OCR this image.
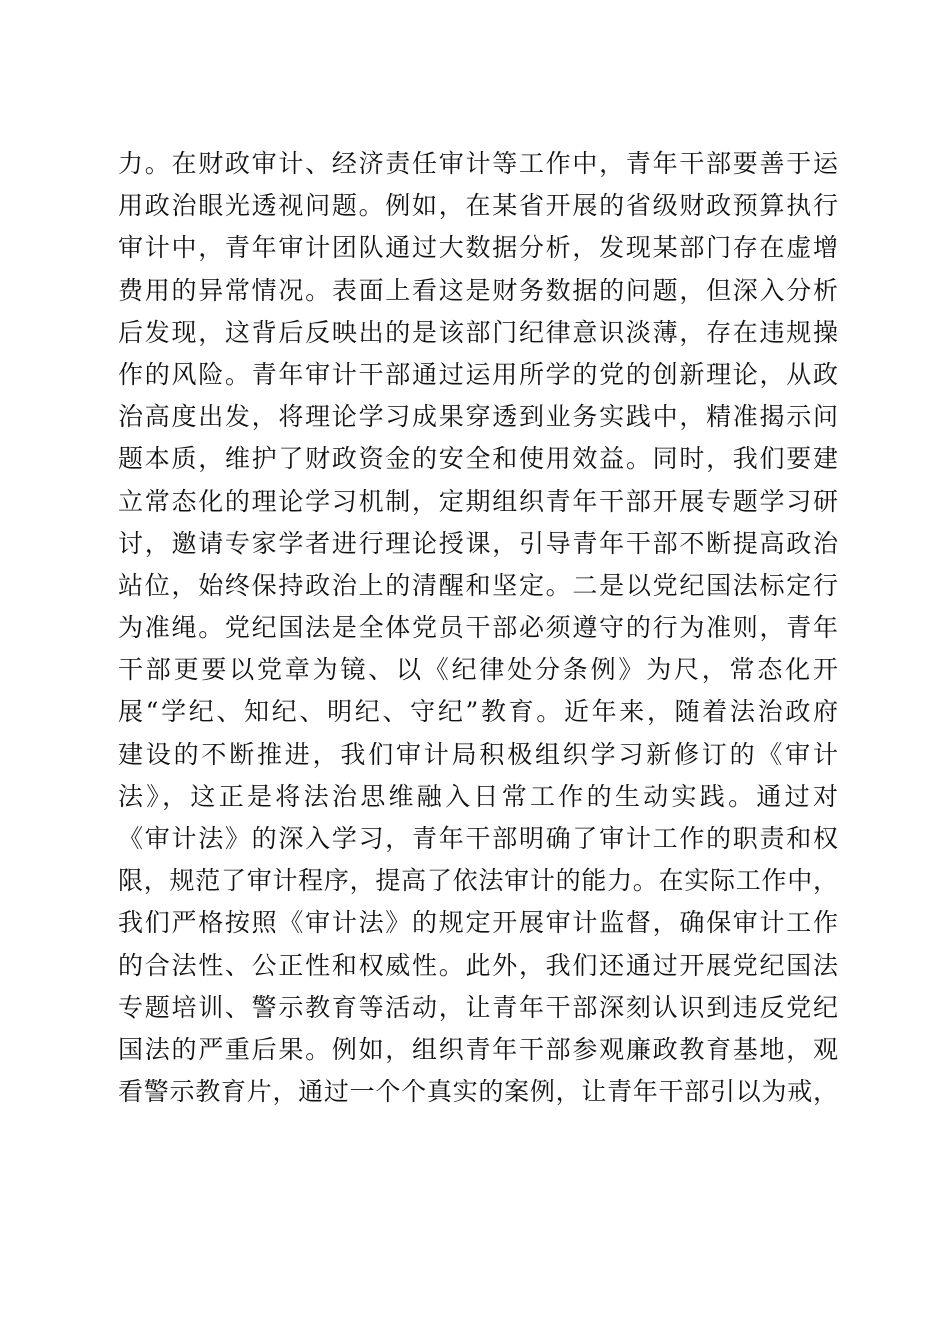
力。在财政审计、经济责任审计等工作中，青年干部要善于运
用政治眼光透视问题。例如，在某省开展的省级财政预算执行
审计中，青年审计团队通过大数据分析，发现某部门存在虚增
费用的异常情况。表面上看这是财务数据的问题，但深入分析
后发现，这背后反映出的是该部门纪律意识淡薄，存在违规操
作的风险。青年审计干部通过运用所学的党的创新理论，从政
治高度出发，将理论学习成果穿透到业务实践中，精准揭示问
题本质，维护了财政资金的安全和使用效益。同时，我们要建
立常态化的理论学习机制，定期组织青年干部开展专题学习研
讨，邀请专家学者进行理论授课，引导青年干部不断提高政治
站位，始终保持政治上的清醒和坚定。二是以党纪国法标定行
为准绳。党纪国法是全体党员干部必须遵守的行为准则，青年
干部更要以党章为镜、以《纪律处分条例》为尺，常态化开
展“学纪、知纪、明纪、守纪”教育。近年来，随着法治政府
建设的不断推进，我们审计局积极组织学习新修订的《审计
法》，这正是将法治思维融入日常工作的生动实践。通过对
《审计法》的深入学习，青年干部明确了审计工作的职责和权
限，规范了审计程序，提高了依法审计的能力。在实际工作中，
我们严格按照《审计法》的规定开展审计监督，确保审计工作
的合法性、公正性和权威性。此外，我们还通过开展党纪国法
专题培训、警示教育等活动，让青年干部深刻认识到违反党纪
国法的严重后果。例如，组织青年干部参观廉政教育基地，观
看警示教育片，通过一个个真实的案例，让青年干部引以为戒，
